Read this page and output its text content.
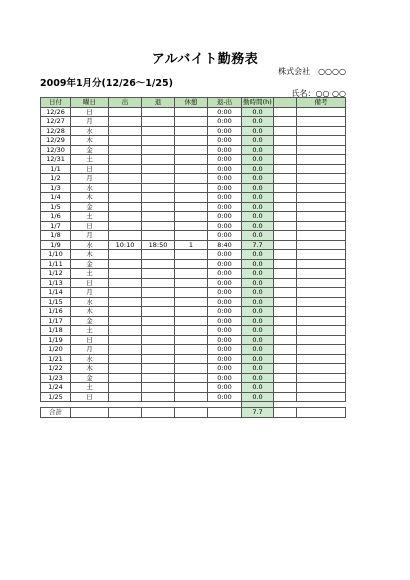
アルバイト勤務表
株式会社　○○○○
2009年1月分(12/26～1/25)
氏名：○○ ○○
日付	曜日	出	退	休憩	退-出	勤時間(h)		備考
12/26	日				0:00	0.0		
12/27	月				0:00	0.0		
12/28	水				0:00	0.0		
12/29	木				0:00	0.0		
12/30	金				0:00	0.0		
12/31	土				0:00	0.0		
1/1	日				0:00	0.0		
1/2	月				0:00	0.0		
1/3	水				0:00	0.0		
1/4	木				0:00	0.0		
1/5	金				0:00	0.0		
1/6	土				0:00	0.0		
1/7	日				0:00	0.0		
1/8	月				0:00	0.0		
1/9	水	10:10	18:50	1	8:40	7.7		
1/10	木				0:00	0.0		
1/11	金				0:00	0.0		
1/12	土				0:00	0.0		
1/13	日				0:00	0.0		
1/14	月				0:00	0.0		
1/15	水				0:00	0.0		
1/16	木				0:00	0.0		
1/17	金				0:00	0.0		
1/18	土				0:00	0.0		
1/19	日				0:00	0.0		
1/20	月				0:00	0.0		
1/21	水				0:00	0.0		
1/22	木				0:00	0.0		
1/23	金				0:00	0.0		
1/24	土				0:00	0.0		
1/25	日				0:00	0.0		

合計						7.7		
